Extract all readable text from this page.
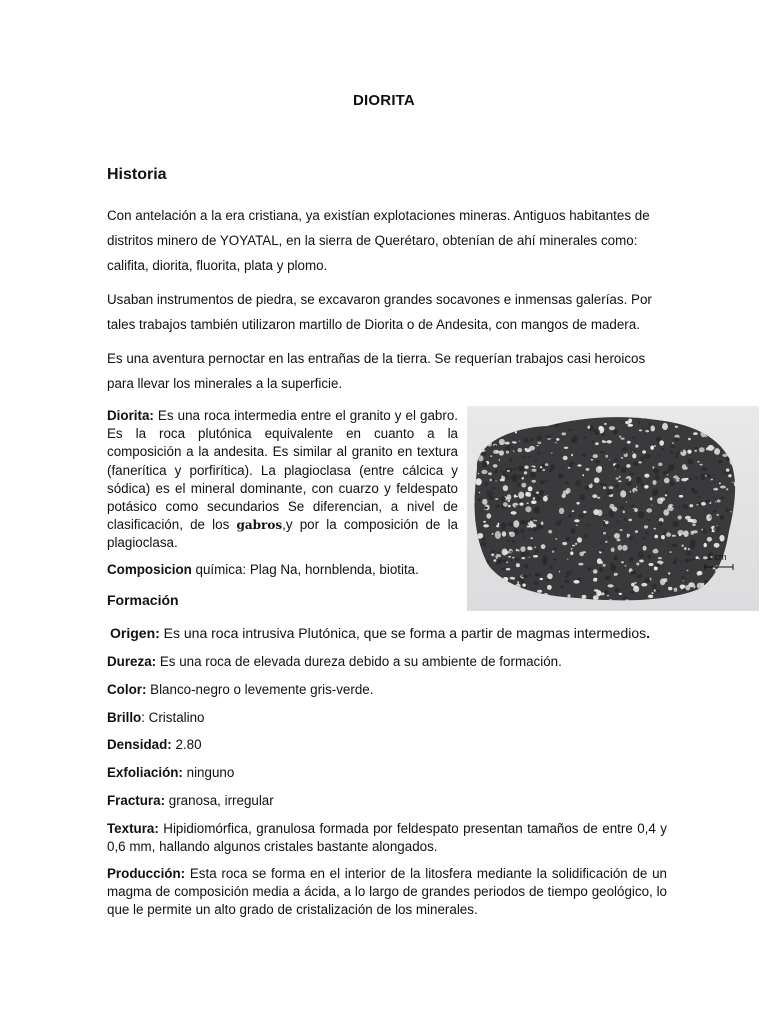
DIORITA
Historia

Con antelación a la era cristiana, ya existían explotaciones mineras. Antiguos habitantes de distritos minero de YOYATAL, en la sierra de Querétaro, obtenían de ahí minerales como: califita, diorita, fluorita, plata y plomo.

Usaban instrumentos de piedra, se excavaron grandes socavones e inmensas galerías. Por tales trabajos también utilizaron martillo de Diorita o de Andesita, con mangos de madera.

Es una aventura pernoctar en las entrañas de la tierra. Se requerían trabajos casi heroicos para llevar los minerales a la superficie.

Diorita: Es una roca intermedia entre el granito y el gabro. Es la roca plutónica equivalente en cuanto a la composición a la andesita. Es similar al granito en textura (fanerítica y porfirítica). La plagioclasa (entre cálcica y sódica) es el mineral dominante, con cuarzo y feldespato potásico como secundarios Se diferencian, a nivel de clasificación, de los gabros,y por la composición de la plagioclasa.

1 cm

Composicion química: Plag Na, hornblenda, biotita.

Formación

Origen: Es una roca intrusiva Plutónica, que se forma a partir de magmas intermedios.

Dureza: Es una roca de elevada dureza debido a su ambiente de formación.

Color: Blanco-negro o levemente gris-verde.

Brillo: Cristalino

Densidad: 2.80

Exfoliación: ninguno

Fractura: granosa, irregular

Textura: Hipidiomórfica, granulosa formada por feldespato presentan tamaños de entre 0,4 y 0,6 mm, hallando algunos cristales bastante alongados.

Producción: Esta roca se forma en el interior de la litosfera mediante la solidificación de un magma de composición media a ácida, a lo largo de grandes periodos de tiempo geológico, lo que le permite un alto grado de cristalización de los minerales.
